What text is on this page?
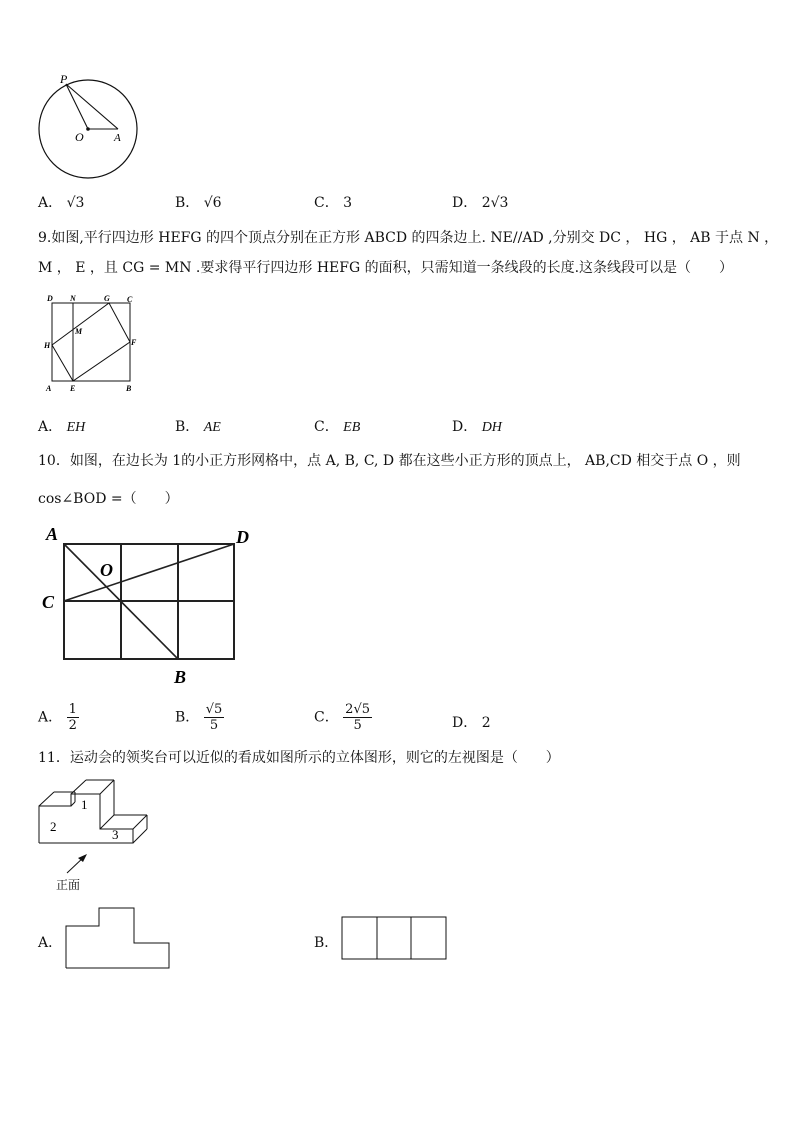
P
O	A
A． √3	B． √6	C． 3	D． 2√3
9.如图,平行四边形 HEFG 的四个顶点分别在正方形 ABCD 的四条边上. NE//AD ,分别交 DC ， HG ， AB 于点 N ，
M ， E ，且 CG = MN .要求得平行四边形 HEFG 的面积，只需知道一条线段的长度.这条线段可以是（　　）
D N	G C
M
H	F
A E	B
A． EH	B． AE	C． EB	D． DH
10．如图，在边长为 1的小正方形网格中，点 A, B, C, D 都在这些小正方形的顶点上， AB,CD 相交于点 O ，则
cos∠BOD =（　　）
A	D
O
C
B
A． $\frac{1}{2}$	B． $\frac{√5}{5}$	C． $\frac{2√5}{5}$	D． 2
11．运动会的领奖台可以近似的看成如图所示的立体图形，则它的左视图是（　　）
1
2
3
正面
A．	B．
